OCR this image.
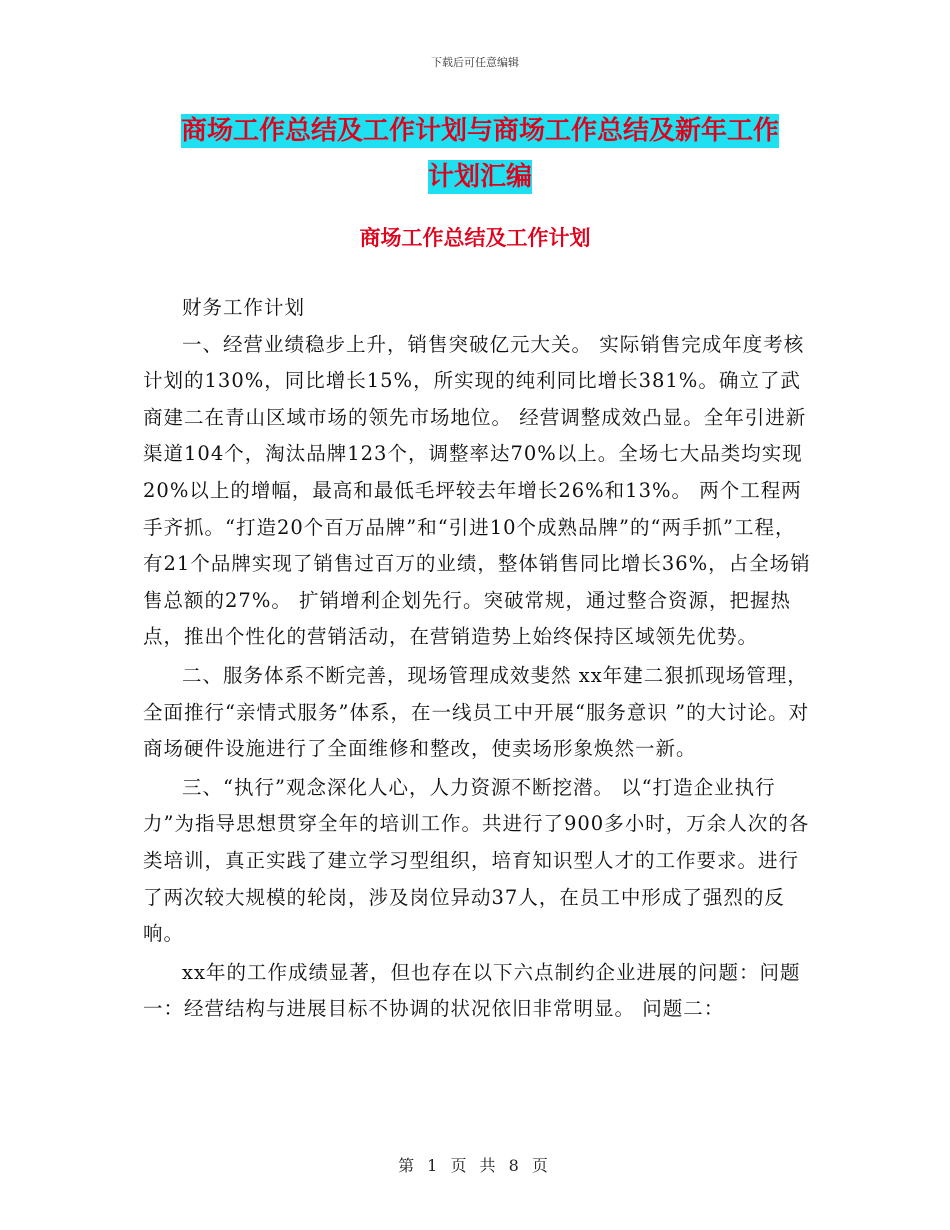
下载后可任意编辑
商场工作总结及工作计划与商场工作总结及新年工作
计划汇编
商场工作总结及工作计划

财务工作计划

一、经营业绩稳步上升，销售突破亿元大关。 实际销售完成年度考核计划的130%，同比增长15%，所实现的纯利同比增长381%。确立了武商建二在青山区域市场的领先市场地位。 经营调整成效凸显。全年引进新渠道104个，淘汰品牌123个，调整率达70%以上。全场七大品类均实现20%以上的增幅，最高和最低毛坪较去年增长26%和13%。 两个工程两手齐抓。“打造20个百万品牌”和“引进10个成熟品牌”的“两手抓”工程，有21个品牌实现了销售过百万的业绩，整体销售同比增长36%，占全场销售总额的27%。 扩销增利企划先行。突破常规，通过整合资源，把握热点，推出个性化的营销活动，在营销造势上始终保持区域领先优势。

二、服务体系不断完善，现场管理成效斐然 xx年建二狠抓现场管理，全面推行“亲情式服务”体系，在一线员工中开展“服务意识 ”的大讨论。对商场硬件设施进行了全面维修和整改，使卖场形象焕然一新。

三、“执行”观念深化人心，人力资源不断挖潜。 以“打造企业执行力”为指导思想贯穿全年的培训工作。共进行了900多小时，万余人次的各类培训，真正实践了建立学习型组织，培育知识型人才的工作要求。进行了两次较大规模的轮岗，涉及岗位异动37人，在员工中形成了强烈的反响。

xx年的工作成绩显著，但也存在以下六点制约企业进展的问题：问题一：经营结构与进展目标不协调的状况依旧非常明显。 问题二：

第 1 页 共 8 页
